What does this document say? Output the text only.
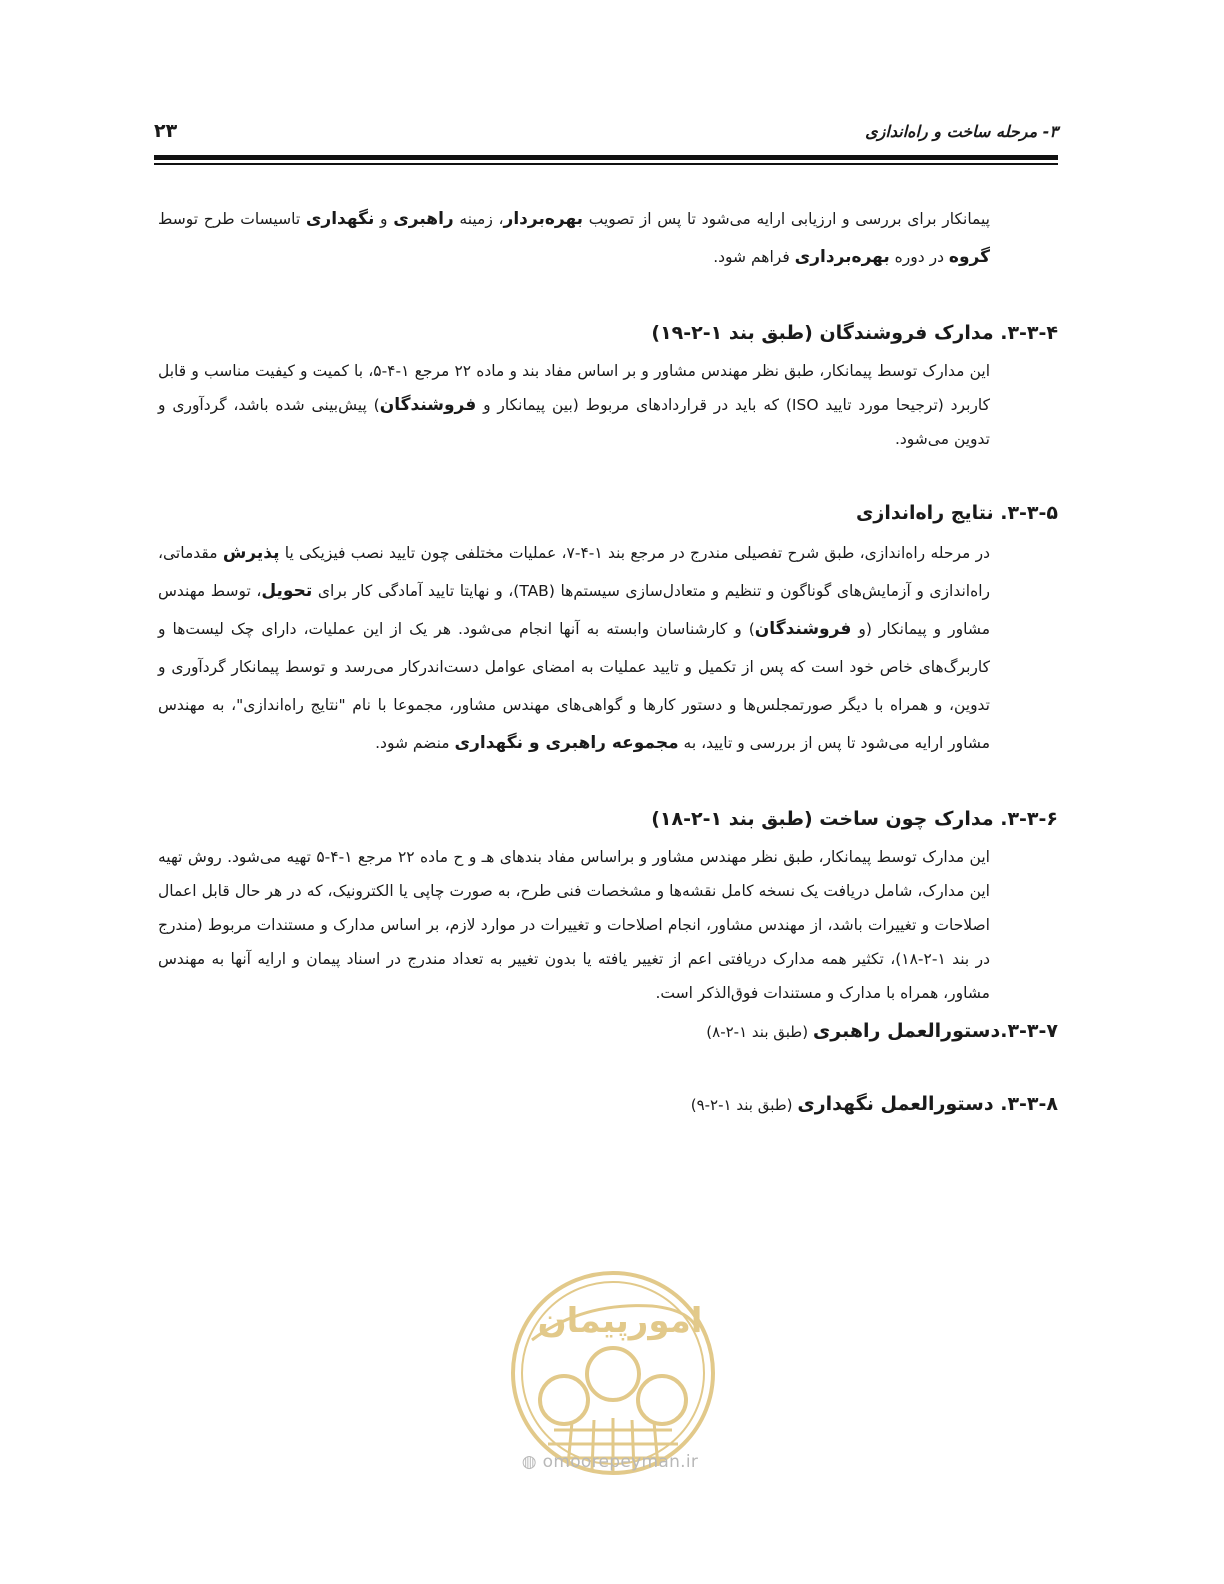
۳- مرحله ساخت و راه‌اندازی
۲۳

پیمانکار برای بررسی و ارزیابی ارایه می‌شود تا پس از تصویب بهره‌بردار، زمینه راهبری و نگهداری تاسیسات طرح توسط گروه در دوره بهره‌برداری فراهم شود.

۳-۳-۴. مدارک فروشندگان (طبق بند ۱-۲-۱۹)

این مدارک توسط پیمانکار، طبق نظر مهندس مشاور و بر اساس مفاد بند و ماده ۲۲ مرجع ۱-۴-۵، با کمیت و کیفیت مناسب و قابل کاربرد (ترجیحا مورد تایید ISO) که باید در قراردادهای مربوط (بین پیمانکار و فروشندگان) پیش‌بینی شده باشد، گردآوری و تدوین می‌شود.

۳-۳-۵. نتایج راه‌اندازی

در مرحله راه‌اندازی، طبق شرح تفصیلی مندرج در مرجع بند ۱-۴-۷، عملیات مختلفی چون تایید نصب فیزیکی یا پذیرش مقدماتی، راه‌اندازی و آزمایش‌های گوناگون و تنظیم و متعادل‌سازی سیستم‌ها (TAB)، و نهایتا تایید آمادگی کار برای تحویل، توسط مهندس مشاور و پیمانکار (و فروشندگان) و کارشناسان وابسته به آنها انجام می‌شود. هر یک از این عملیات، دارای چک لیست‌ها و کاربرگ‌های خاص خود است که پس از تکمیل و تایید عملیات به امضای عوامل دست‌اندرکار می‌رسد و توسط پیمانکار گردآوری و تدوین، و همراه با دیگر صورتمجلس‌ها و دستور کارها و گواهی‌های مهندس مشاور، مجموعا با نام "نتایج راه‌اندازی"، به مهندس مشاور ارایه می‌شود تا پس از بررسی و تایید، به مجموعه راهبری و نگهداری منضم شود.

۳-۳-۶. مدارک چون ساخت (طبق بند ۱-۲-۱۸)

این مدارک توسط پیمانکار، طبق نظر مهندس مشاور و براساس مفاد بندهای هـ و ح ماده ۲۲ مرجع ۱-۴-۵ تهیه می‌شود. روش تهیه این مدارک، شامل دریافت یک نسخه کامل نقشه‌ها و مشخصات فنی طرح، به صورت چاپی یا الکترونیک، که در هر حال قابل اعمال اصلاحات و تغییرات باشد، از مهندس مشاور، انجام اصلاحات و تغییرات در موارد لازم، بر اساس مدارک و مستندات مربوط (مندرج در بند ۱-۲-۱۸)، تکثیر همه مدارک دریافتی اعم از تغییر یافته یا بدون تغییر به تعداد مندرج در اسناد پیمان و ارایه آنها به مهندس مشاور، همراه با مدارک و مستندات فوق‌الذکر است.

۳-۳-۷.دستورالعمل راهبری (طبق بند ۱-۲-۸)
۳-۳-۸. دستورالعمل نگهداری (طبق بند ۱-۲-۹)
امورپیمان
◍ omoorepeyman.ir
